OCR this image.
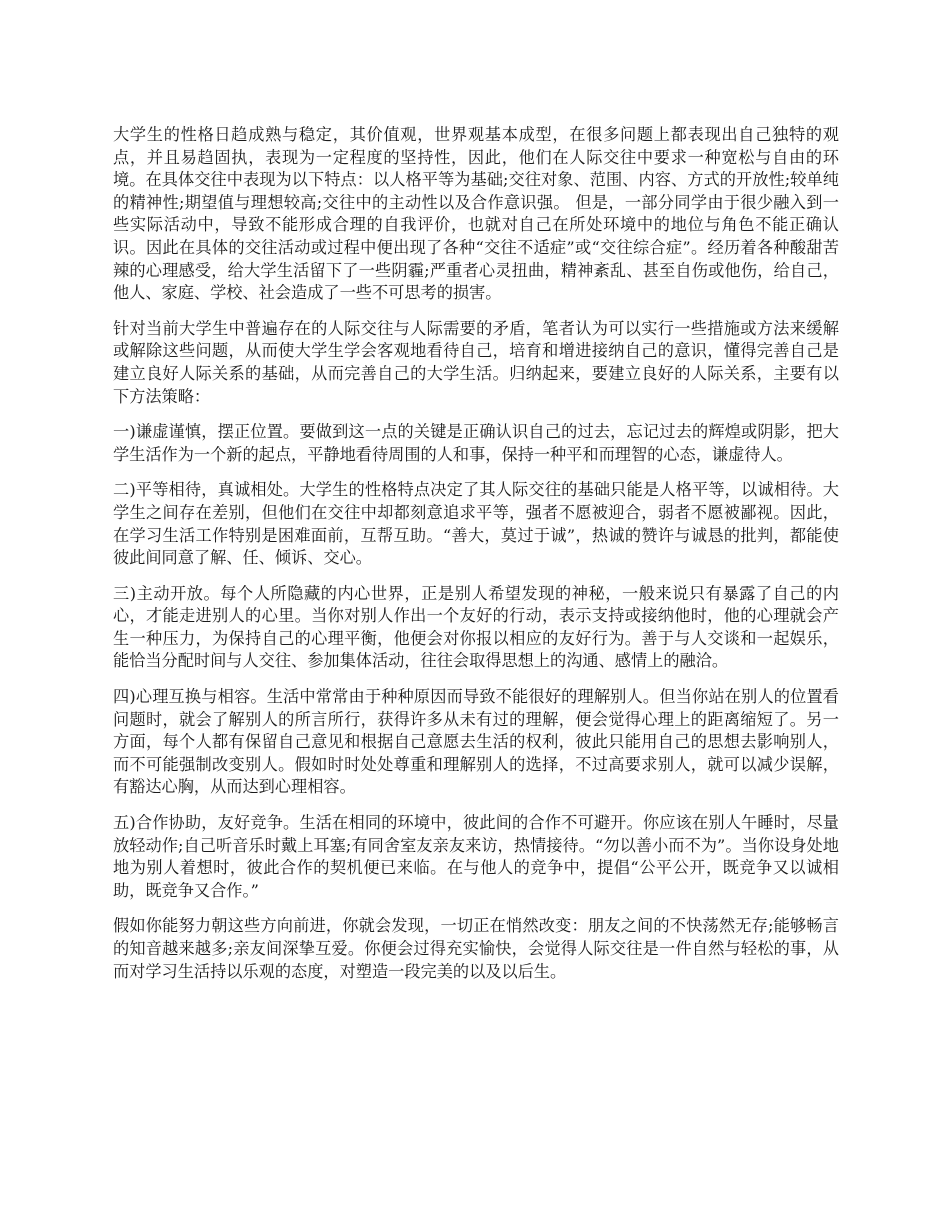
大学生的性格日趋成熟与稳定，其价值观，世界观基本成型，在很多问题上都表现出自己独特的观点，并且易趋固执，表现为一定程度的坚持性，因此，他们在人际交往中要求一种宽松与自由的环境。在具体交往中表现为以下特点：以人格平等为基础;交往对象、范围、内容、方式的开放性;较单纯的精神性;期望值与理想较高;交往中的主动性以及合作意识强。 但是，一部分同学由于很少融入到一些实际活动中，导致不能形成合理的自我评价，也就对自己在所处环境中的地位与角色不能正确认识。因此在具体的交往活动或过程中便出现了各种“交往不适症”或“交往综合症”。经历着各种酸甜苦辣的心理感受，给大学生活留下了一些阴霾;严重者心灵扭曲，精神紊乱、甚至自伤或他伤，给自己，他人、家庭、学校、社会造成了一些不可思考的损害。

针对当前大学生中普遍存在的人际交往与人际需要的矛盾，笔者认为可以实行一些措施或方法来缓解或解除这些问题，从而使大学生学会客观地看待自己，培育和增进接纳自己的意识，懂得完善自己是建立良好人际关系的基础，从而完善自己的大学生活。归纳起来，要建立良好的人际关系，主要有以下方法策略：

一)谦虚谨慎，摆正位置。要做到这一点的关键是正确认识自己的过去，忘记过去的辉煌或阴影，把大学生活作为一个新的起点，平静地看待周围的人和事，保持一种平和而理智的心态，谦虚待人。

二)平等相待，真诚相处。大学生的性格特点决定了其人际交往的基础只能是人格平等，以诚相待。大学生之间存在差别，但他们在交往中却都刻意追求平等，强者不愿被迎合，弱者不愿被鄙视。因此，在学习生活工作特别是困难面前，互帮互助。“善大，莫过于诚”，热诚的赞许与诚恳的批判，都能使彼此间同意了解、任、倾诉、交心。

三)主动开放。每个人所隐藏的内心世界，正是别人希望发现的神秘，一般来说只有暴露了自己的内心，才能走进别人的心里。当你对别人作出一个友好的行动，表示支持或接纳他时，他的心理就会产生一种压力，为保持自己的心理平衡，他便会对你报以相应的友好行为。善于与人交谈和一起娱乐，能恰当分配时间与人交往、参加集体活动，往往会取得思想上的沟通、感情上的融洽。

四)心理互换与相容。生活中常常由于种种原因而导致不能很好的理解别人。但当你站在别人的位置看问题时，就会了解别人的所言所行，获得许多从未有过的理解，便会觉得心理上的距离缩短了。另一方面，每个人都有保留自己意见和根据自己意愿去生活的权利，彼此只能用自己的思想去影响别人，而不可能强制改变别人。假如时时处处尊重和理解别人的选择，不过高要求别人，就可以减少误解，有豁达心胸，从而达到心理相容。

五)合作协助，友好竞争。生活在相同的环境中，彼此间的合作不可避开。你应该在别人午睡时，尽量放轻动作;自己听音乐时戴上耳塞;有同舍室友亲友来访，热情接待。“勿以善小而不为”。当你设身处地地为别人着想时，彼此合作的契机便已来临。在与他人的竞争中，提倡“公平公开，既竞争又以诚相助，既竞争又合作。”

假如你能努力朝这些方向前进，你就会发现，一切正在悄然改变：朋友之间的不快荡然无存;能够畅言的知音越来越多;亲友间深挚互爱。你便会过得充实愉快，会觉得人际交往是一件自然与轻松的事，从而对学习生活持以乐观的态度，对塑造一段完美的以及以后生。
